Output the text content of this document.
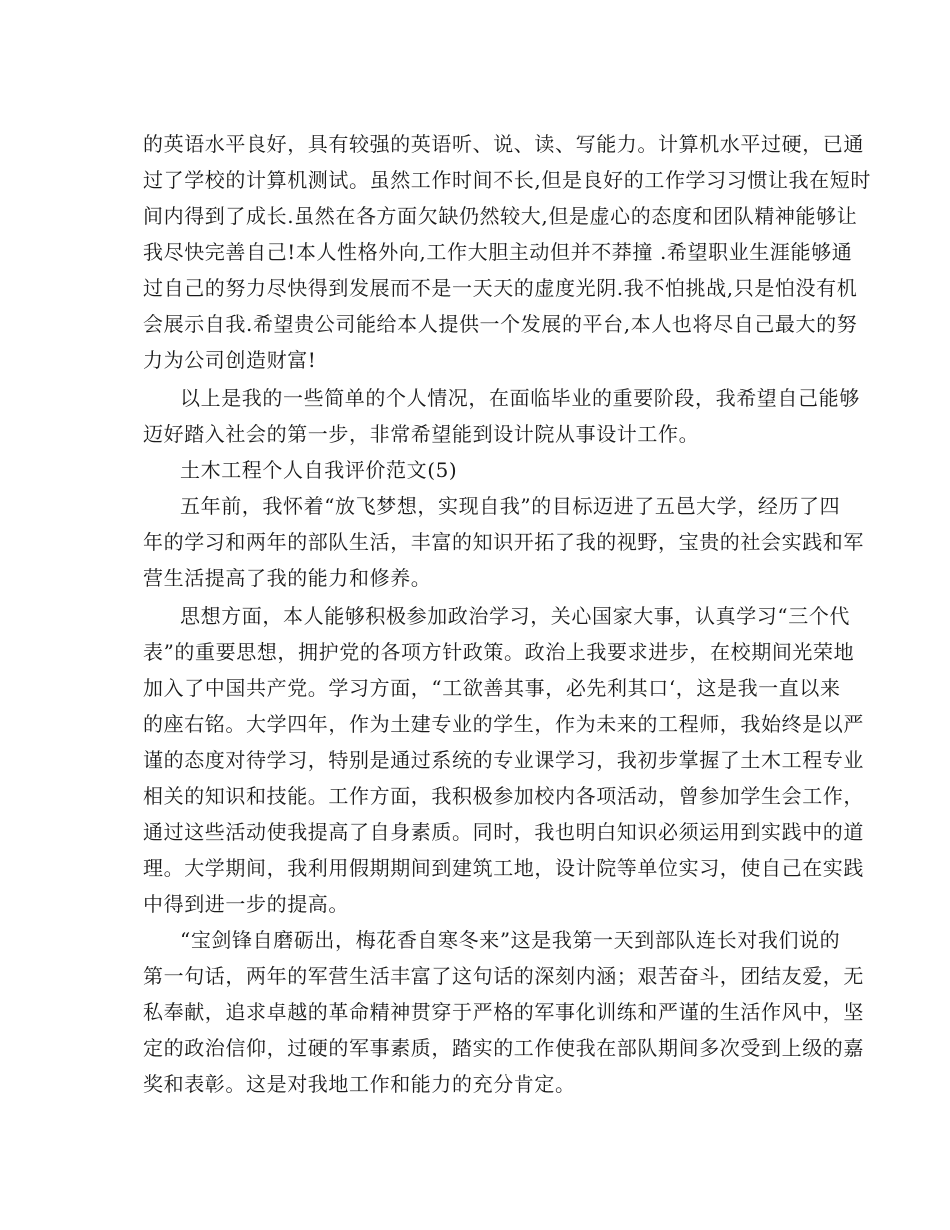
的英语水平良好，具有较强的英语听、说、读、写能力。计算机水平过硬，已通
过了学校的计算机测试。虽然工作时间不长,但是良好的工作学习习惯让我在短时
间内得到了成长.虽然在各方面欠缺仍然较大,但是虚心的态度和团队精神能够让
我尽快完善自己!本人性格外向,工作大胆主动但并不莽撞 .希望职业生涯能够通
过自己的努力尽快得到发展而不是一天天的虚度光阴.我不怕挑战,只是怕没有机
会展示自我.希望贵公司能给本人提供一个发展的平台,本人也将尽自己最大的努
力为公司创造财富!
以上是我的一些简单的个人情况，在面临毕业的重要阶段，我希望自己能够
迈好踏入社会的第一步，非常希望能到设计院从事设计工作。
土木工程个人自我评价范文(5)
五年前，我怀着“放飞梦想，实现自我”的目标迈进了五邑大学，经历了四
年的学习和两年的部队生活，丰富的知识开拓了我的视野，宝贵的社会实践和军
营生活提高了我的能力和修养。
思想方面，本人能够积极参加政治学习，关心国家大事，认真学习“三个代
表”的重要思想，拥护党的各项方针政策。政治上我要求进步，在校期间光荣地
加入了中国共产党。学习方面，“工欲善其事，必先利其口‘，这是我一直以来
的座右铭。大学四年，作为土建专业的学生，作为未来的工程师，我始终是以严
谨的态度对待学习，特别是通过系统的专业课学习，我初步掌握了土木工程专业
相关的知识和技能。工作方面，我积极参加校内各项活动，曾参加学生会工作，
通过这些活动使我提高了自身素质。同时，我也明白知识必须运用到实践中的道
理。大学期间，我利用假期期间到建筑工地，设计院等单位实习，使自己在实践
中得到进一步的提高。
“宝剑锋自磨砺出，梅花香自寒冬来”这是我第一天到部队连长对我们说的
第一句话，两年的军营生活丰富了这句话的深刻内涵；艰苦奋斗，团结友爱，无
私奉献，追求卓越的革命精神贯穿于严格的军事化训练和严谨的生活作风中，坚
定的政治信仰，过硬的军事素质，踏实的工作使我在部队期间多次受到上级的嘉
奖和表彰。这是对我地工作和能力的充分肯定。
